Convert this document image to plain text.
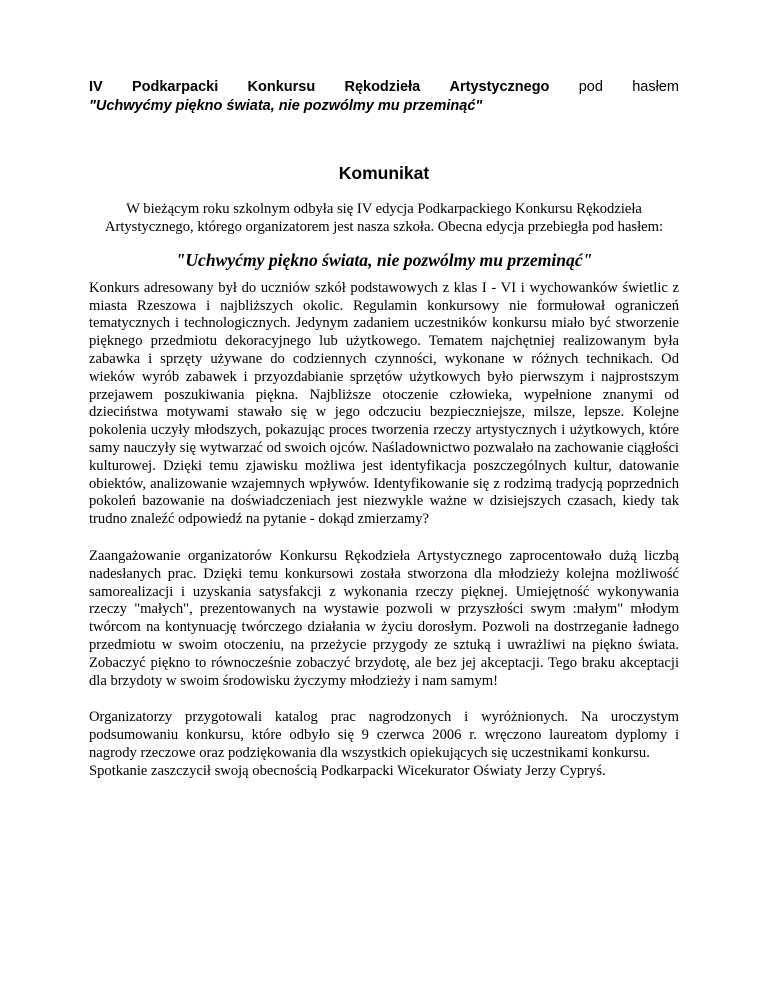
IV Podkarpacki Konkursu Rękodzieła Artystycznego pod hasłem
"Uchwyćmy piękno świata, nie pozwólmy mu przeminąć"
Komunikat
W bieżącym roku szkolnym odbyła się IV edycja Podkarpackiego Konkursu Rękodzieła Artystycznego, którego organizatorem jest nasza szkoła. Obecna edycja przebiegła pod hasłem:
"Uchwyćmy piękno świata, nie pozwólmy mu przeminąć"

Konkurs adresowany był do uczniów szkół podstawowych z klas I - VI i wychowanków świetlic z miasta Rzeszowa i najbliższych okolic. Regulamin konkursowy nie formułował ograniczeń tematycznych i technologicznych. Jedynym zadaniem uczestników konkursu miało być stworzenie pięknego przedmiotu dekoracyjnego lub użytkowego. Tematem najchętniej realizowanym była zabawka i sprzęty używane do codziennych czynności, wykonane w różnych technikach. Od wieków wyrób zabawek i przyozdabianie sprzętów użytkowych było pierwszym i najprostszym przejawem poszukiwania piękna. Najbliższe otoczenie człowieka, wypełnione znanymi od dzieciństwa motywami stawało się w jego odczuciu bezpieczniejsze, milsze, lepsze. Kolejne pokolenia uczyły młodszych, pokazując proces tworzenia rzeczy artystycznych i użytkowych, które samy nauczyły się wytwarzać od swoich ojców. Naśladownictwo pozwalało na zachowanie ciągłości kulturowej. Dzięki temu zjawisku możliwa jest identyfikacja poszczególnych kultur, datowanie obiektów, analizowanie wzajemnych wpływów. Identyfikowanie się z rodzimą tradycją poprzednich pokoleń bazowanie na doświadczeniach jest niezwykle ważne w dzisiejszych czasach, kiedy tak trudno znaleźć odpowiedź na pytanie - dokąd zmierzamy?

Zaangażowanie organizatorów Konkursu Rękodzieła Artystycznego zaprocentowało dużą liczbą nadesłanych prac. Dzięki temu konkursowi została stworzona dla młodzieży kolejna możliwość samorealizacji i uzyskania satysfakcji z wykonania rzeczy pięknej. Umiejętność wykonywania rzeczy "małych", prezentowanych na wystawie pozwoli w przyszłości swym :małym" młodym twórcom na kontynuację twórczego działania w życiu dorosłym. Pozwoli na dostrzeganie ładnego przedmiotu w swoim otoczeniu, na przeżycie przygody ze sztuką i uwrażliwi na piękno świata. Zobaczyć piękno to równocześnie zobaczyć brzydotę, ale bez jej akceptacji. Tego braku akceptacji dla brzydoty w swoim środowisku życzymy młodzieży i nam samym!

Organizatorzy przygotowali katalog prac nagrodzonych i wyróżnionych. Na uroczystym podsumowaniu konkursu, które odbyło się 9 czerwca 2006 r. wręczono laureatom dyplomy i nagrody rzeczowe oraz podziękowania dla wszystkich opiekujących się uczestnikami konkursu.

Spotkanie zaszczycił swoją obecnością Podkarpacki Wicekurator Oświaty Jerzy Cypryś.
